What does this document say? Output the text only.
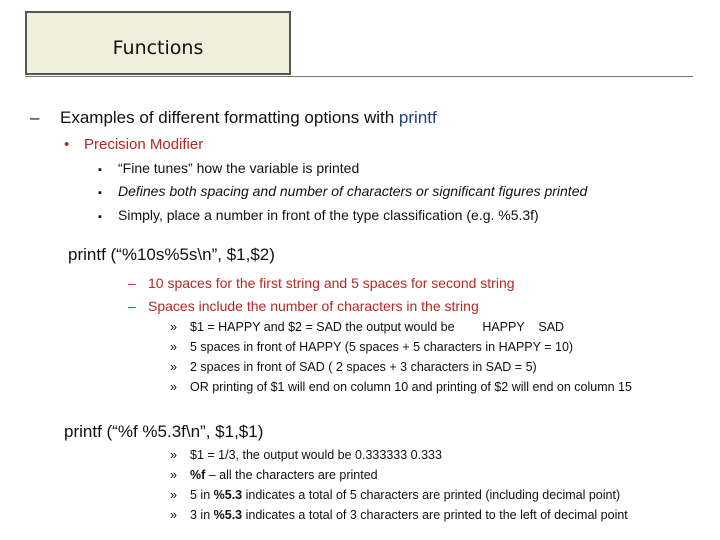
Functions
– Examples of different formatting options with printf
• Precision Modifier
▪ “Fine tunes” how the variable is printed
▪ Defines both spacing and number of characters or significant figures printed
▪ Simply, place a number in front of the type classification (e.g. %5.3f)
printf (“%10s%5s\n”, $1,$2)
– 10 spaces for the first string and 5 spaces for second string
– Spaces include the number of characters in the string
» $1 = HAPPY and $2 = SAD the output would be        HAPPY    SAD
» 5 spaces in front of HAPPY (5 spaces + 5 characters in HAPPY = 10)
» 2 spaces in front of SAD ( 2 spaces + 3 characters in SAD = 5)
» OR printing of $1 will end on column 10 and printing of $2 will end on column 15
printf (“%f %5.3f\n”, $1,$1)
» $1 = 1/3, the output would be 0.333333 0.333
» %f – all the characters are printed
» 5 in %5.3 indicates a total of 5 characters are printed (including decimal point)
» 3 in %5.3 indicates a total of 3 characters are printed to the left of decimal point
